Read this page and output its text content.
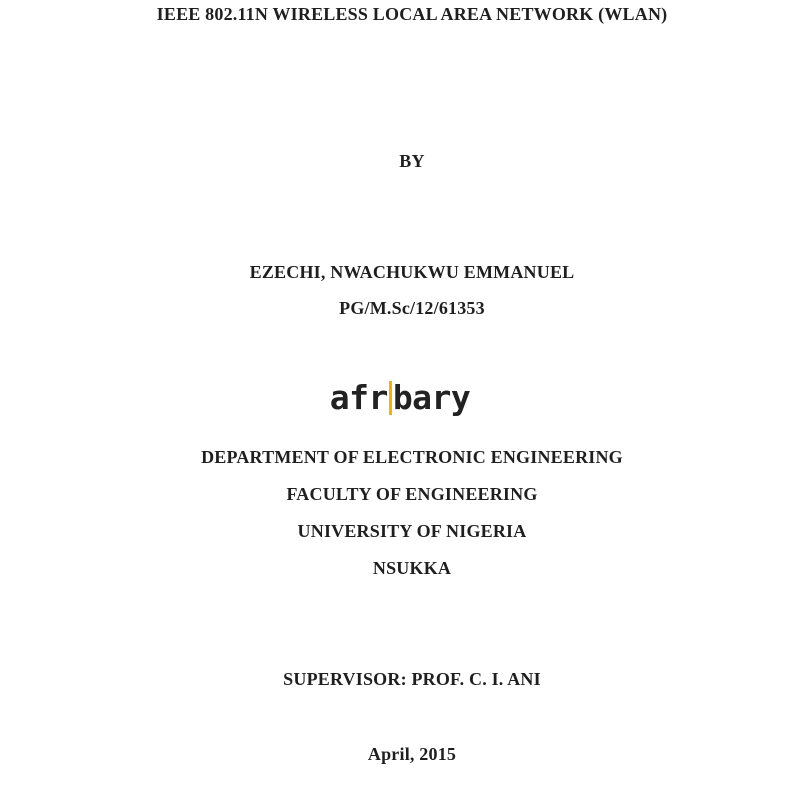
IEEE 802.11N WIRELESS LOCAL AREA NETWORK (WLAN)
BY
EZECHI, NWACHUKWU EMMANUEL
PG/M.Sc/12/61353
afr bary
DEPARTMENT OF ELECTRONIC ENGINEERING
FACULTY OF ENGINEERING
UNIVERSITY OF NIGERIA
NSUKKA
SUPERVISOR: PROF. C. I. ANI
April, 2015
